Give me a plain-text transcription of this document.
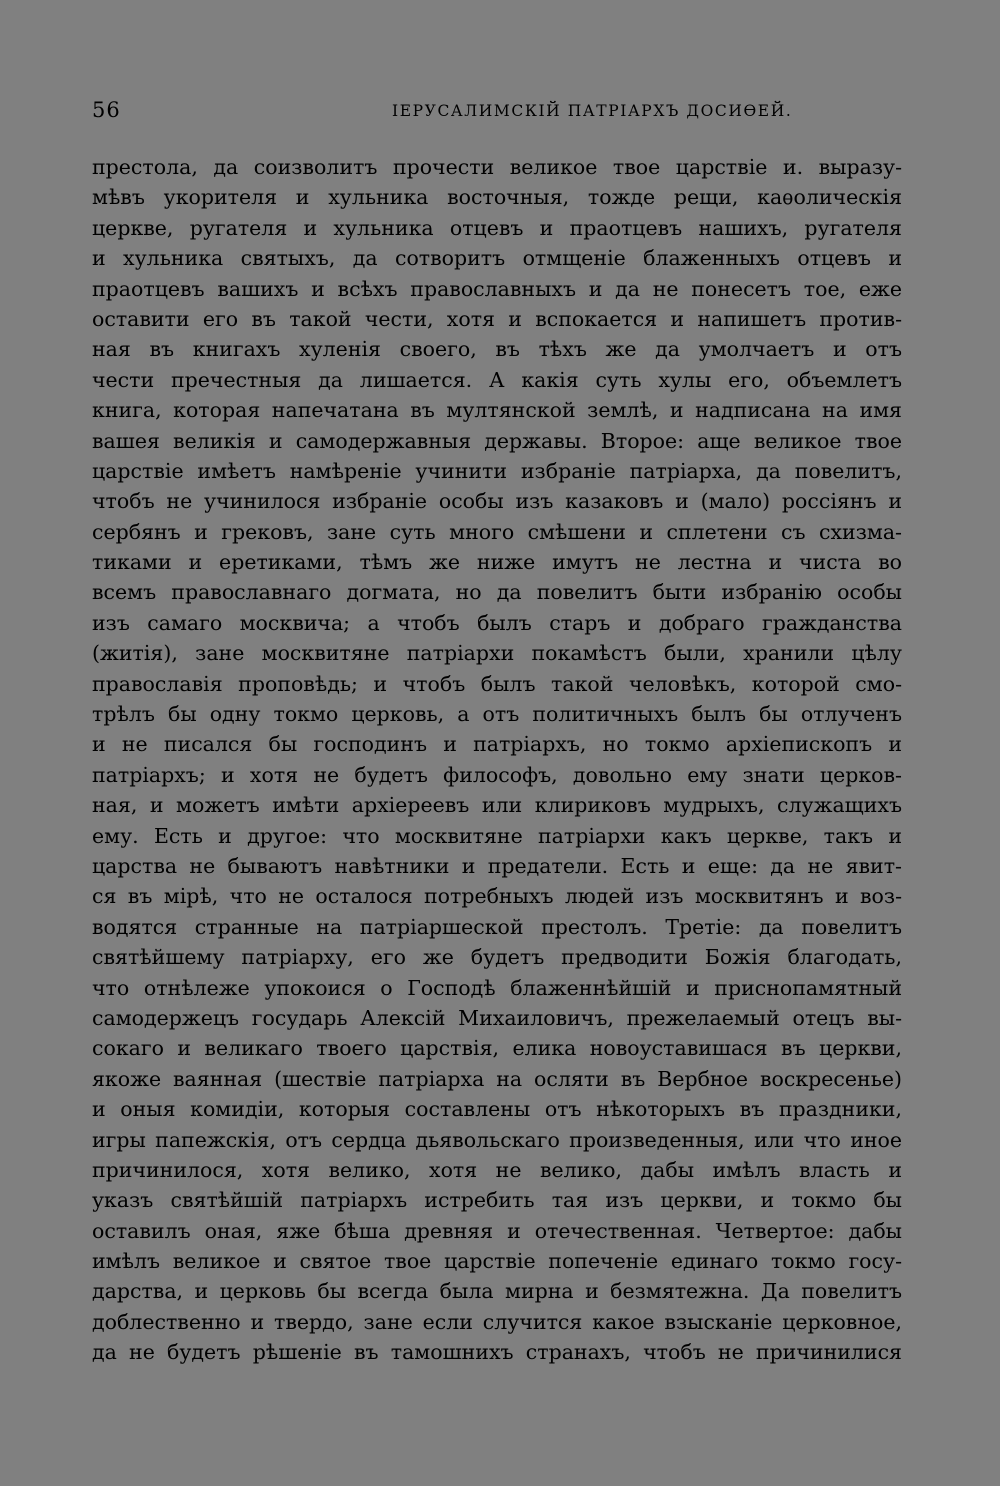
56	ІЕРУСАЛИМСКІЙ ПАТРІАРХЪ ДОСИѲЕЙ.
престола, да соизволитъ прочести великое твое царствіе и. выразу-
мѣвъ укорителя и хульника восточныя, тожде рещи, каѳолическія
церкве, ругателя и хульника отцевъ и праотцевъ нашихъ, ругателя
и хульника святыхъ, да сотворитъ отмщеніе блаженныхъ отцевъ и
праотцевъ вашихъ и всѣхъ православныхъ и да не понесетъ тое, еже
оставити его въ такой чести, хотя и вспокается и напишетъ против-
ная въ книгахъ хуленія своего, въ тѣхъ же да умолчаетъ и отъ
чести пречестныя да лишается. А какія суть хулы его, объемлетъ
книга, которая напечатана въ мултянской землѣ, и надписана на имя
вашея великія и самодержавныя державы. Второе: аще великое твое
царствіе имѣетъ намѣреніе учинити избраніе патріарха, да повелитъ,
чтобъ не учинилося избраніе особы изъ казаковъ и (мало) россіянъ и
сербянъ и грековъ, зане суть много смѣшени и сплетени съ схизма-
тиками и еретиками, тѣмъ же ниже имутъ не лестна и чиста во
всемъ православнаго догмата, но да повелитъ быти избранію особы
изъ самаго москвича; а чтобъ былъ старъ и добраго гражданства
(житія), зане москвитяне патріархи покамѣстъ были, хранили цѣлу
православія проповѣдь; и чтобъ былъ такой человѣкъ, которой смо-
трѣлъ бы одну токмо церковь, а отъ политичныхъ былъ бы отлученъ
и не писался бы господинъ и патріархъ, но токмо архіепископъ и
патріархъ; и хотя не будетъ философъ, довольно ему знати церков-
ная, и можетъ имѣти архіереевъ или клириковъ мудрыхъ, служащихъ
ему. Есть и другое: что москвитяне патріархи какъ церкве, такъ и
царства не бываютъ навѣтники и предатели. Есть и еще: да не явит-
ся въ мірѣ, что не осталося потребныхъ людей изъ москвитянъ и воз-
водятся странные на патріаршеской престолъ. Третіе: да повелитъ
святѣйшему патріарху, его же будетъ предводити Божія благодать,
что отнѣлеже упокоися о Господѣ блаженнѣйшій и приснопамятный
самодержецъ государь Алексій Михаиловичъ, прежелаемый отецъ вы-
сокаго и великаго твоего царствія, елика новоуставишася въ церкви,
якоже ваянная (шествіе патріарха на осляти въ Вербное воскресенье)
и оныя комидіи, которыя составлены отъ нѣкоторыхъ въ праздники,
игры папежскія, отъ сердца дьявольскаго произведенныя, или что иное
причинилося, хотя велико, хотя не велико, дабы имѣлъ власть и
указъ святѣйшій патріархъ истребить тая изъ церкви, и токмо бы
оставилъ оная, яже бѣша древняя и отечественная. Четвертое: дабы
имѣлъ великое и святое твое царствіе попеченіе единаго токмо госу-
дарства, и церковь бы всегда была мирна и безмятежна. Да повелитъ
доблественно и твердо, зане если случится какое взысканіе церковное,
да не будетъ рѣшеніе въ тамошнихъ странахъ, чтобъ не причинилися
